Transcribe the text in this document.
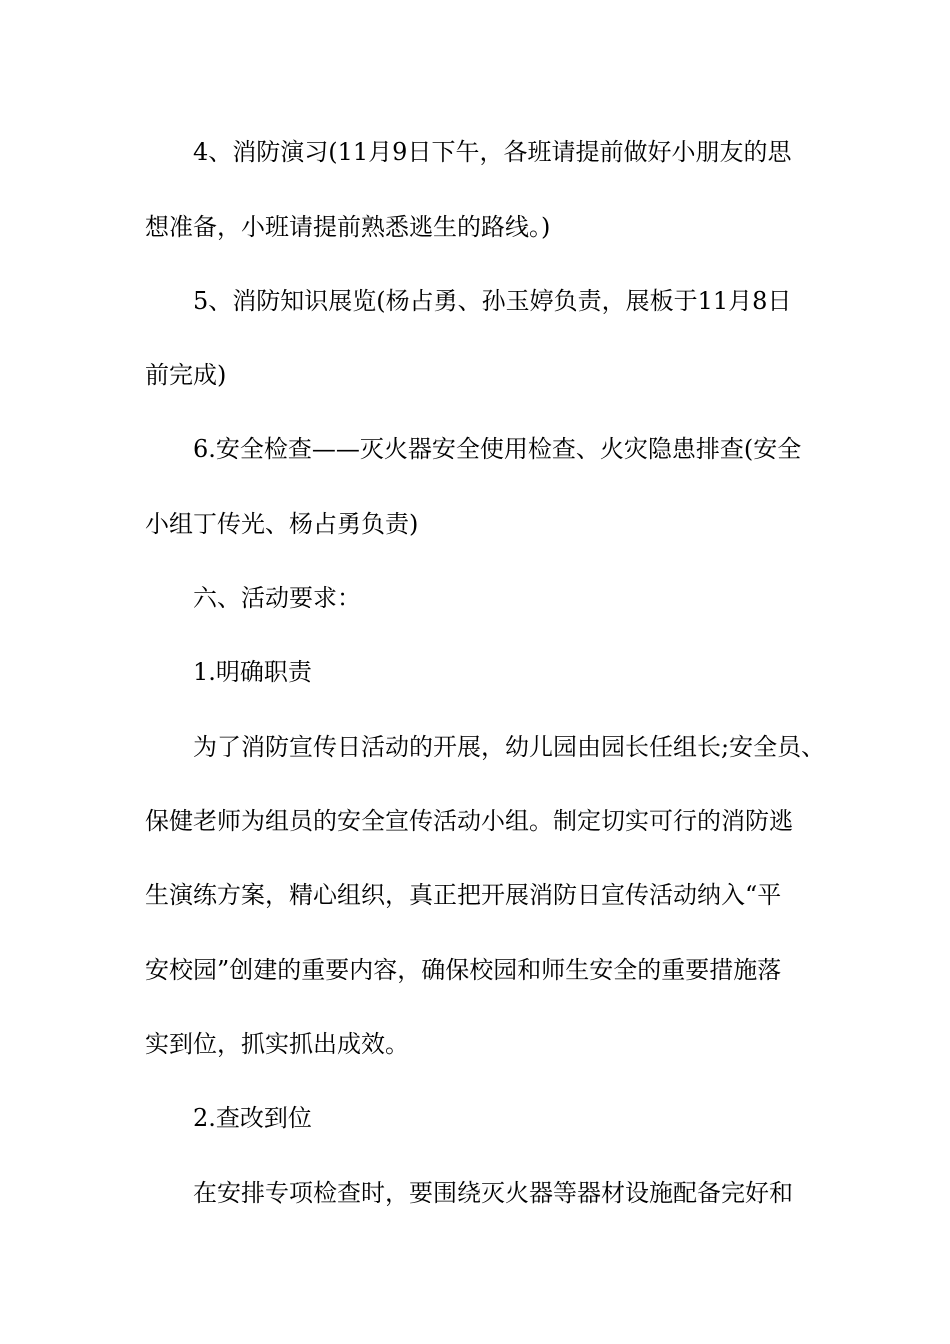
4、消防演习(11月9日下午，各班请提前做好小朋友的思
想准备，小班请提前熟悉逃生的路线。)
5、消防知识展览(杨占勇、孙玉婷负责，展板于11月8日
前完成)
6.安全检查——灭火器安全使用检查、火灾隐患排查(安全
小组丁传光、杨占勇负责)
六、活动要求：
1.明确职责
为了消防宣传日活动的开展，幼儿园由园长任组长;安全员、
保健老师为组员的安全宣传活动小组。制定切实可行的消防逃
生演练方案，精心组织，真正把开展消防日宣传活动纳入“平
安校园”创建的重要内容，确保校园和师生安全的重要措施落
实到位，抓实抓出成效。
2.查改到位
在安排专项检查时，要围绕灭火器等器材设施配备完好和
